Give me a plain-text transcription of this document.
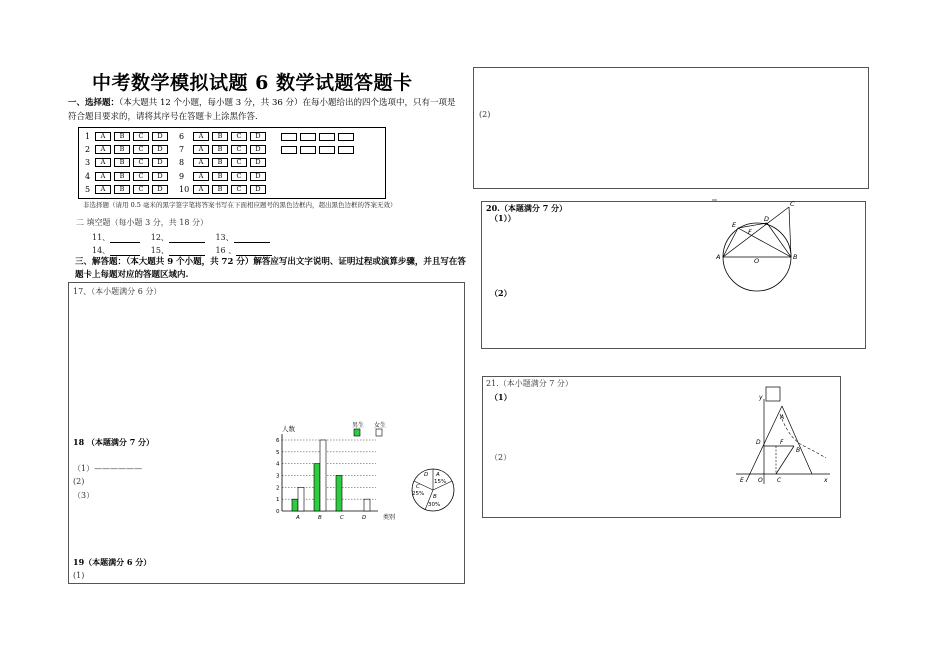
中考数学模拟试题 6 数学试题答题卡
一、选择题：（本大题共 12 个小题，每小题 3 分，共 36 分）在每小题给出的四个选项中，只有一项是符合题目要求的，请将其序号在答题卡上涂黑作答.
1	A	B	C	D	6	A	B	C	D
2	A	B	C	D	7	A	B	C	D
3	A	B	C	D	8	A	B	C	D
4	A	B	C	D	9	A	B	C	D
5	A	B	C	D	10	A	B	C	D
非选择题（请用 0.5 毫米的黑字签字笔将答案书写在下面相应题号的黑色边框内，超出黑色边框的答案无效）
二 填空题（每小题 3 分，共 18 分）
11、	12、	13、
14、	15、	16 、
三、解答题：（本大题共 9 个小题，共 72 分）解答应写出文字说明、证明过程或演算步骤，并且写在答题卡上每题对应的答题区域内.
17、（本小题满分 6 分）
18 （本题满分 7 分）
（1）——————
(2)
（3）
19（本题满分 6 分）
(1)
人数
0
1
2
3
4
5
6
A	B	C	D	类别
男生 女生
A
15%
D
C
25% B
30%
(2)
20.（本题满分 7 分）
（1））
（2）
A	B
C
D
E
F
O
21.（本小题满分 7 分）
（1）
（2）
y
x
A
B
C
D
E
F
O
